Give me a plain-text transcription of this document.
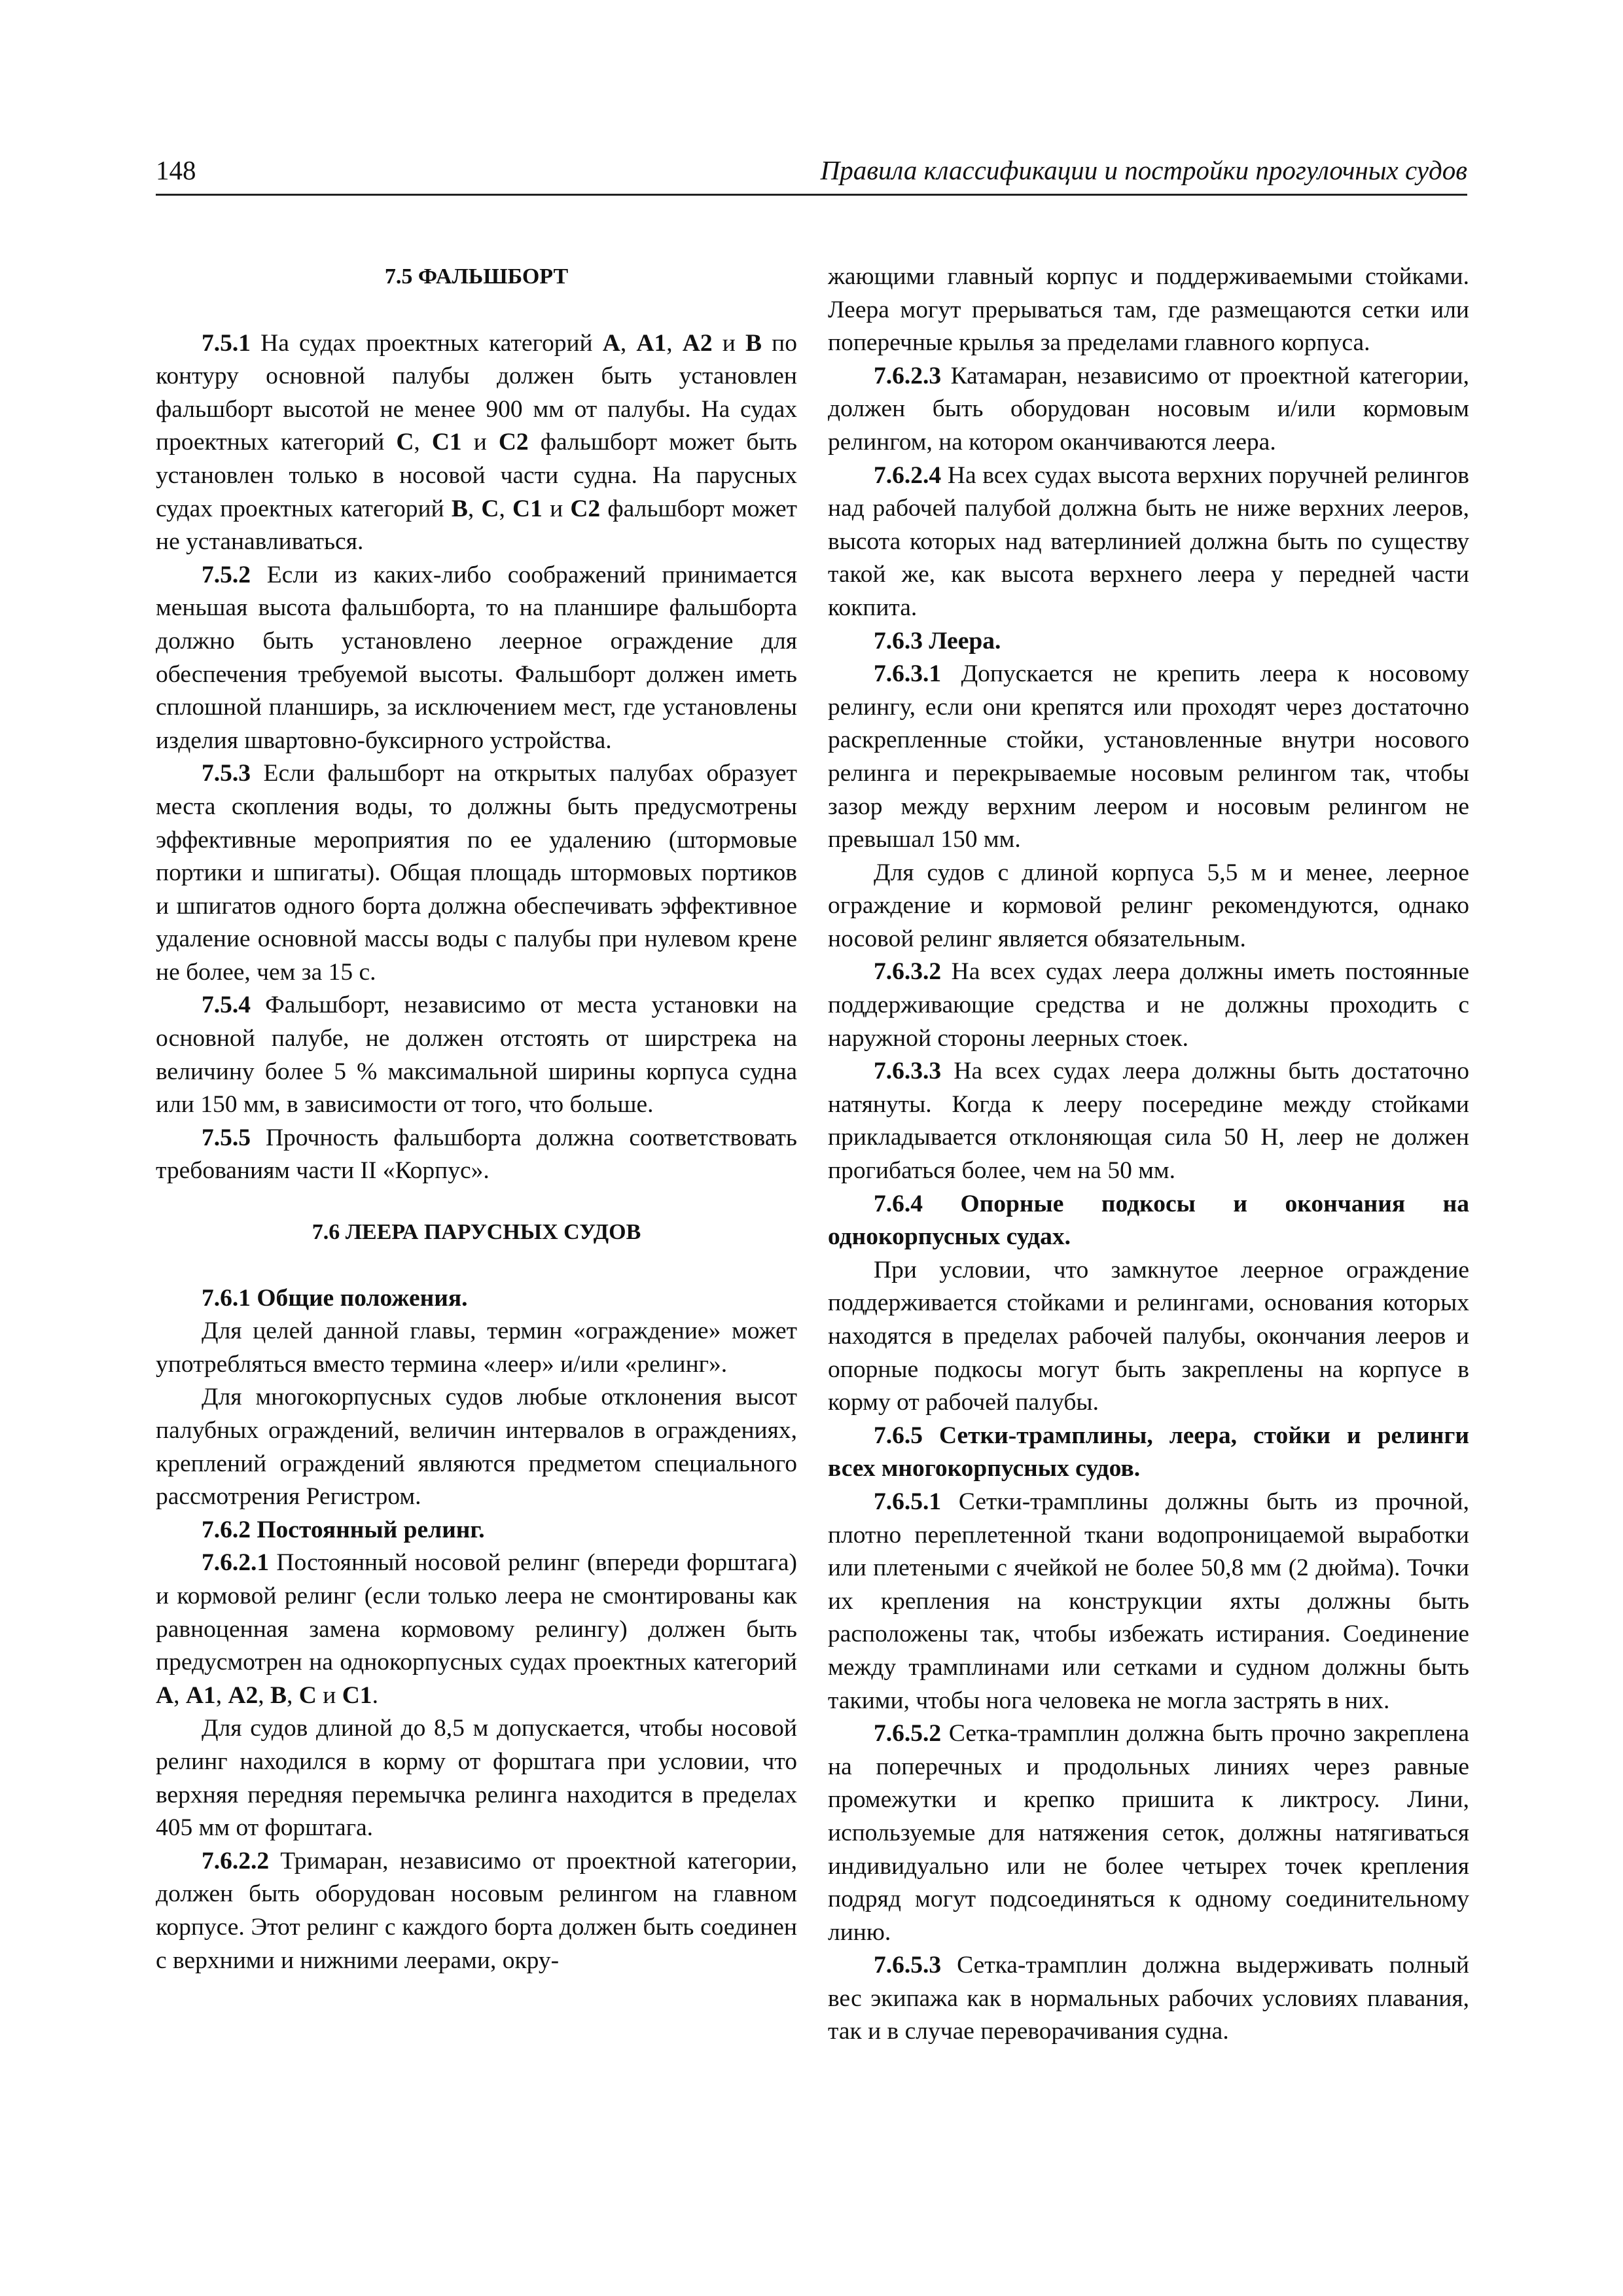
148	Правила классификации и постройки прогулочных судов
7.5 ФАЛЬШБОРТ

7.5.1 На судах проектных категорий A, A1, A2 и B по контуру основной палубы должен быть установлен фальшборт высотой не менее 900 мм от палубы. На судах проектных категорий C, C1 и C2 фальшборт может быть установлен только в носовой части судна. На парусных судах проектных категорий B, C, C1 и C2 фальшборт может не устанавливаться.

7.5.2 Если из каких-либо соображений принимается меньшая высота фальшборта, то на планшире фальшборта должно быть установлено леерное ограждение для обеспечения требуемой высоты. Фальшборт должен иметь сплошной планширь, за исключением мест, где установлены изделия швартовно-буксирного устройства.

7.5.3 Если фальшборт на открытых палубах образует места скопления воды, то должны быть предусмотрены эффективные мероприятия по ее удалению (штормовые портики и шпигаты). Общая площадь штормовых портиков и шпигатов одного борта должна обеспечивать эффективное удаление основной массы воды с палубы при нулевом крене не более, чем за 15 с.

7.5.4 Фальшборт, независимо от места установки на основной палубе, не должен отстоять от ширстрека на величину более 5 % максимальной ширины корпуса судна или 150 мм, в зависимости от того, что больше.

7.5.5 Прочность фальшборта должна соответствовать требованиям части II «Корпус».

7.6 ЛЕЕРА ПАРУСНЫХ СУДОВ

7.6.1 Общие положения.

Для целей данной главы, термин «ограждение» может употребляться вместо термина «леер» и/или «релинг».

Для многокорпусных судов любые отклонения высот палубных ограждений, величин интервалов в ограждениях, креплений ограждений являются предметом специального рассмотрения Регистром.

7.6.2 Постоянный релинг.

7.6.2.1 Постоянный носовой релинг (впереди форштага) и кормовой релинг (если только леера не смонтированы как равноценная замена кормовому релингу) должен быть предусмотрен на однокорпусных судах проектных категорий A, A1, A2, B, C и C1.

Для судов длиной до 8,5 м допускается, чтобы носовой релинг находился в корму от форштага при условии, что верхняя передняя перемычка релинга находится в пределах 405 мм от форштага.

7.6.2.2 Тримаран, независимо от проектной категории, должен быть оборудован носовым релингом на главном корпусе. Этот релинг с каждого борта должен быть соединен с верхними и нижними леерами, окру-

жающими главный корпус и поддерживаемыми стойками. Леера могут прерываться там, где размещаются сетки или поперечные крылья за пределами главного корпуса.

7.6.2.3 Катамаран, независимо от проектной категории, должен быть оборудован носовым и/или кормовым релингом, на котором оканчиваются леера.

7.6.2.4 На всех судах высота верхних поручней релингов над рабочей палубой должна быть не ниже верхних лееров, высота которых над ватерлинией должна быть по существу такой же, как высота верхнего леера у передней части кокпита.

7.6.3 Леера.

7.6.3.1 Допускается не крепить леера к носовому релингу, если они крепятся или проходят через достаточно раскрепленные стойки, установленные внутри носового релинга и перекрываемые носовым релингом так, чтобы зазор между верхним леером и носовым релингом не превышал 150 мм.

Для судов с длиной корпуса 5,5 м и менее, леерное ограждение и кормовой релинг рекомендуются, однако носовой релинг является обязательным.

7.6.3.2 На всех судах леера должны иметь постоянные поддерживающие средства и не должны проходить с наружной стороны леерных стоек.

7.6.3.3 На всех судах леера должны быть достаточно натянуты. Когда к лееру посередине между стойками прикладывается отклоняющая сила 50 Н, леер не должен прогибаться более, чем на 50 мм.

7.6.4 Опорные подкосы и окончания на однокорпусных судах.

При условии, что замкнутое леерное ограждение поддерживается стойками и релингами, основания которых находятся в пределах рабочей палубы, окончания лееров и опорные подкосы могут быть закреплены на корпусе в корму от рабочей палубы.

7.6.5 Сетки-трамплины, леера, стойки и релинги всех многокорпусных судов.

7.6.5.1 Сетки-трамплины должны быть из прочной, плотно переплетенной ткани водопроницаемой выработки или плетеными с ячейкой не более 50,8 мм (2 дюйма). Точки их крепления на конструкции яхты должны быть расположены так, чтобы избежать истирания. Соединение между трамплинами или сетками и судном должны быть такими, чтобы нога человека не могла застрять в них.

7.6.5.2 Сетка-трамплин должна быть прочно закреплена на поперечных и продольных линиях через равные промежутки и крепко пришита к ликтросу. Лини, используемые для натяжения сеток, должны натягиваться индивидуально или не более четырех точек крепления подряд могут подсоединяться к одному соединительному линю.

7.6.5.3 Сетка-трамплин должна выдерживать полный вес экипажа как в нормальных рабочих условиях плавания, так и в случае переворачивания судна.
